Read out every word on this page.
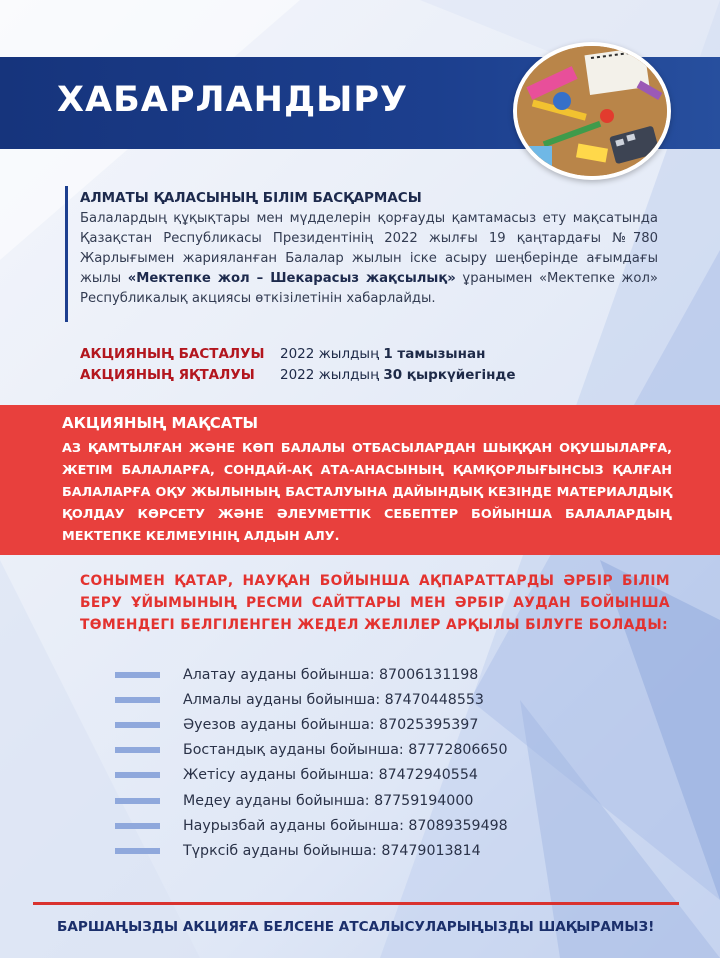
ХАБАРЛАНДЫРУ

АЛМАТЫ ҚАЛАСЫНЫҢ БІЛІМ БАСҚАРМАСЫ

Балалардың құқықтары мен мүдделерін қорғауды қамтамасыз ету мақсатында Қазақстан Республикасы Президентінің 2022 жылғы 19 қаңтардағы №780 Жарлығымен жарияланған Балалар жылын іске асыру шеңберінде ағымдағы жылы «Мектепке жол – Шекарасыз жақсылық» ұранымен «Мектепке жол» Республикалық акциясы өткізілетінін хабарлайды.

АКЦИЯНЫҢ БАСТАЛУЫ 2022 жылдың 1 тамызынан
АКЦИЯНЫҢ ЯҚТАЛУЫ 2022 жылдың 30 қыркүйегінде
АКЦИЯНЫҢ МАҚСАТЫ

АЗ ҚАМТЫЛҒАН ЖӘНЕ КӨП БАЛАЛЫ ОТБАСЫЛАРДАН ШЫҚҚАН ОҚУШЫЛАРҒА, ЖЕТІМ БАЛАЛАРҒА, СОНДАЙ-АҚ АТА-АНАСЫНЫҢ ҚАМҚОРЛЫҒЫНСЫЗ ҚАЛҒАН БАЛАЛАРҒА ОҚУ ЖЫЛЫНЫҢ БАСТАЛУЫНА ДАЙЫНДЫҚ КЕЗІНДЕ МАТЕРИАЛДЫҚ ҚОЛДАУ КӨРСЕТУ ЖӘНЕ ӘЛЕУМЕТТІК СЕБЕПТЕР БОЙЫНША БАЛАЛАРДЫҢ МЕКТЕПКЕ КЕЛМЕУІНІҢ АЛДЫН АЛУ.

СОНЫМЕН ҚАТАР, НАУҚАН БОЙЫНША АҚПАРАТТАРДЫ ӘРБІР БІЛІМ БЕРУ ҰЙЫМЫНЫҢ РЕСМИ САЙТТАРЫ МЕН ӘРБІР АУДАН БОЙЫНША ТӨМЕНДЕГІ БЕЛГІЛЕНГЕН ЖЕДЕЛ ЖЕЛІЛЕР АРҚЫЛЫ БІЛУГЕ БОЛАДЫ:

Алатау ауданы бойынша: 87006131198
Алмалы ауданы бойынша: 87470448553
Әуезов ауданы бойынша: 87025395397
Бостандық ауданы бойынша: 87772806650
Жетісу ауданы бойынша: 87472940554
Медеу ауданы бойынша: 87759194000
Наурызбай ауданы бойынша: 87089359498
Түрксіб ауданы бойынша: 87479013814
БАРШАҢЫЗДЫ АКЦИЯҒА БЕЛСЕНЕ АТСАЛЫСУЛАРЫҢЫЗДЫ ШАҚЫРАМЫЗ!
